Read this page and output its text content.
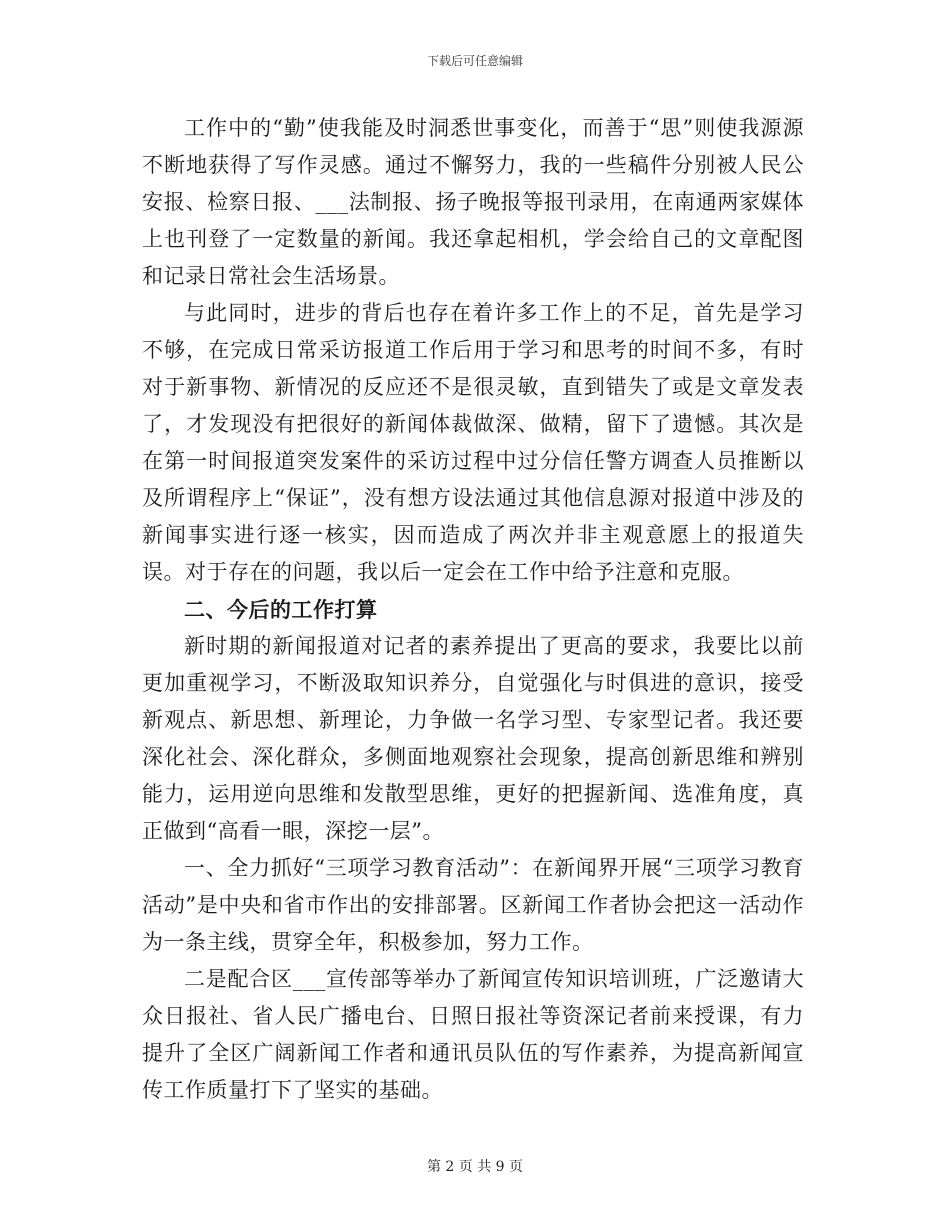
下载后可任意编辑

工作中的“勤”使我能及时洞悉世事变化，而善于“思”则使我源源不断地获得了写作灵感。通过不懈努力，我的一些稿件分别被人民公安报、检察日报、___法制报、扬子晚报等报刊录用，在南通两家媒体上也刊登了一定数量的新闻。我还拿起相机，学会给自己的文章配图和记录日常社会生活场景。

与此同时，进步的背后也存在着许多工作上的不足，首先是学习不够，在完成日常采访报道工作后用于学习和思考的时间不多，有时对于新事物、新情况的反应还不是很灵敏，直到错失了或是文章发表了，才发现没有把很好的新闻体裁做深、做精，留下了遗憾。其次是在第一时间报道突发案件的采访过程中过分信任警方调查人员推断以及所谓程序上“保证”，没有想方设法通过其他信息源对报道中涉及的新闻事实进行逐一核实，因而造成了两次并非主观意愿上的报道失误。对于存在的问题，我以后一定会在工作中给予注意和克服。

二、今后的工作打算

新时期的新闻报道对记者的素养提出了更高的要求，我要比以前更加重视学习，不断汲取知识养分，自觉强化与时俱进的意识，接受新观点、新思想、新理论，力争做一名学习型、专家型记者。我还要深化社会、深化群众，多侧面地观察社会现象，提高创新思维和辨别能力，运用逆向思维和发散型思维，更好的把握新闻、选准角度，真正做到“高看一眼，深挖一层”。

一、全力抓好“三项学习教育活动”：在新闻界开展“三项学习教育活动”是中央和省市作出的安排部署。区新闻工作者协会把这一活动作为一条主线，贯穿全年，积极参加，努力工作。

二是配合区___宣传部等举办了新闻宣传知识培训班，广泛邀请大众日报社、省人民广播电台、日照日报社等资深记者前来授课，有力提升了全区广阔新闻工作者和通讯员队伍的写作素养，为提高新闻宣传工作质量打下了坚实的基础。

第 2 页 共 9 页
